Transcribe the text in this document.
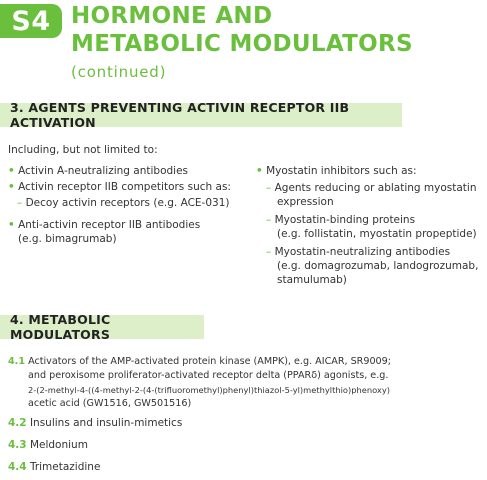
S4 HORMONE AND
METABOLIC MODULATORS
(continued)
3. AGENTS PREVENTING ACTIVIN RECEPTOR IIB ACTIVATION
Including, but not limited to:
• Activin A-neutralizing antibodies
• Activin receptor IIB competitors such as:
– Decoy activin receptors (e.g. ACE-031)
• Anti-activin receptor IIB antibodies
(e.g. bimagrumab)
• Myostatin inhibitors such as:
– Agents reducing or ablating myostatin
expression
– Myostatin-binding proteins
(e.g. follistatin, myostatin propeptide)
– Myostatin-neutralizing antibodies
(e.g. domagrozumab, landogrozumab,
stamulumab)
4. METABOLIC MODULATORS
4.1 Activators of the AMP-activated protein kinase (AMPK), e.g. AICAR, SR9009;
and peroxisome proliferator-activated receptor delta (PPARδ) agonists, e.g.
2-(2-methyl-4-((4-methyl-2-(4-(trifluoromethyl)phenyl)thiazol-5-yl)methylthio)phenoxy)
acetic acid (GW1516, GW501516)
4.2 Insulins and insulin-mimetics
4.3 Meldonium
4.4 Trimetazidine
